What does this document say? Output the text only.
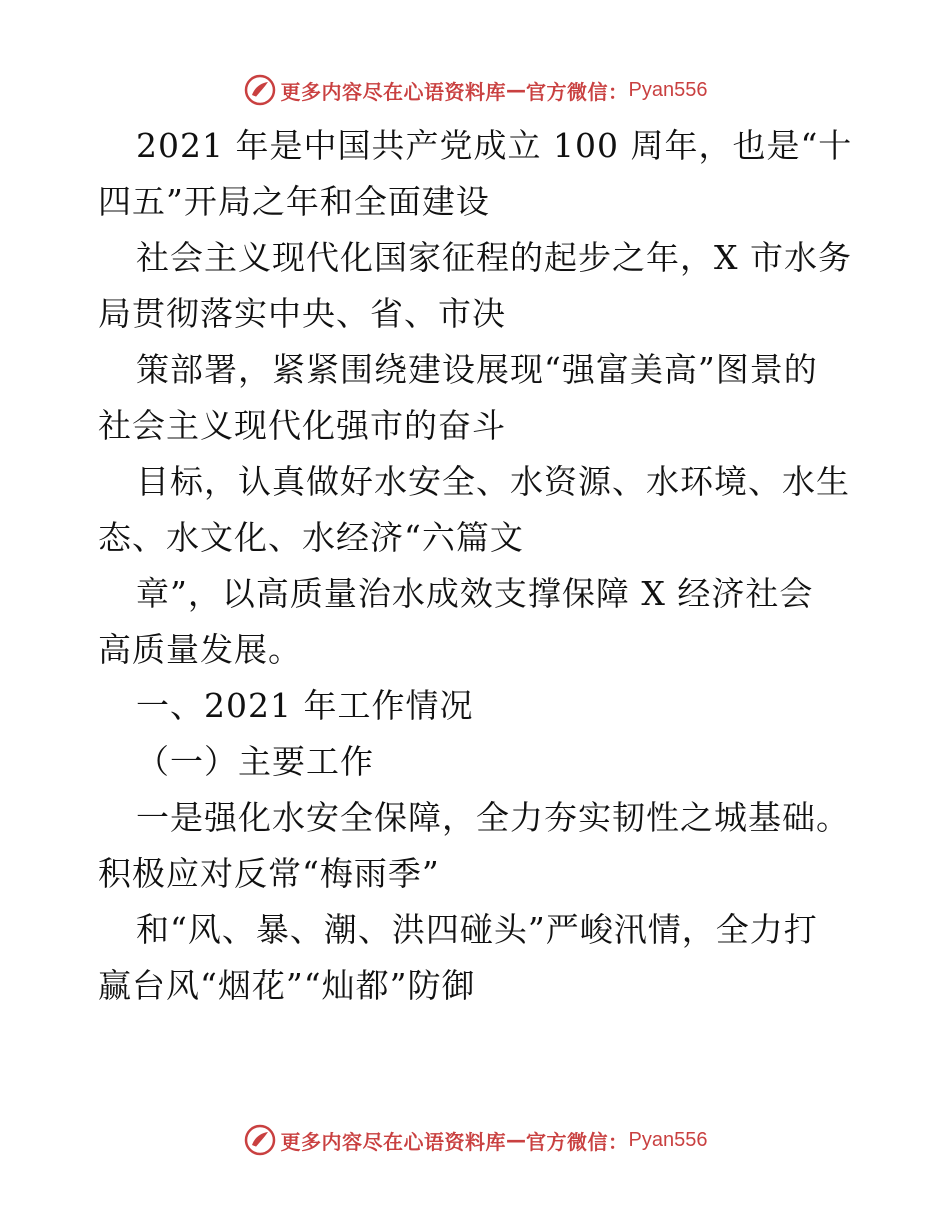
更多内容尽在心语资料库 — 官方微信： Pyan556
2021 年是中国共产党成立 100 周年，也是“十
四五”开局之年和全面建设
社会主义现代化国家征程的起步之年，X 市水务
局贯彻落实中央、省、市决
策部署，紧紧围绕建设展现“强富美高”图景的
社会主义现代化强市的奋斗
目标，认真做好水安全、水资源、水环境、水生
态、水文化、水经济“六篇文
章”，以高质量治水成效支撑保障 X 经济社会
高质量发展。
一、2021 年工作情况
（一）主要工作
一是强化水安全保障，全力夯实韧性之城基础。
积极应对反常“梅雨季”
和“风、暴、潮、洪四碰头”严峻汛情，全力打
赢台风“烟花”“灿都”防御
更多内容尽在心语资料库 — 官方微信： Pyan556
